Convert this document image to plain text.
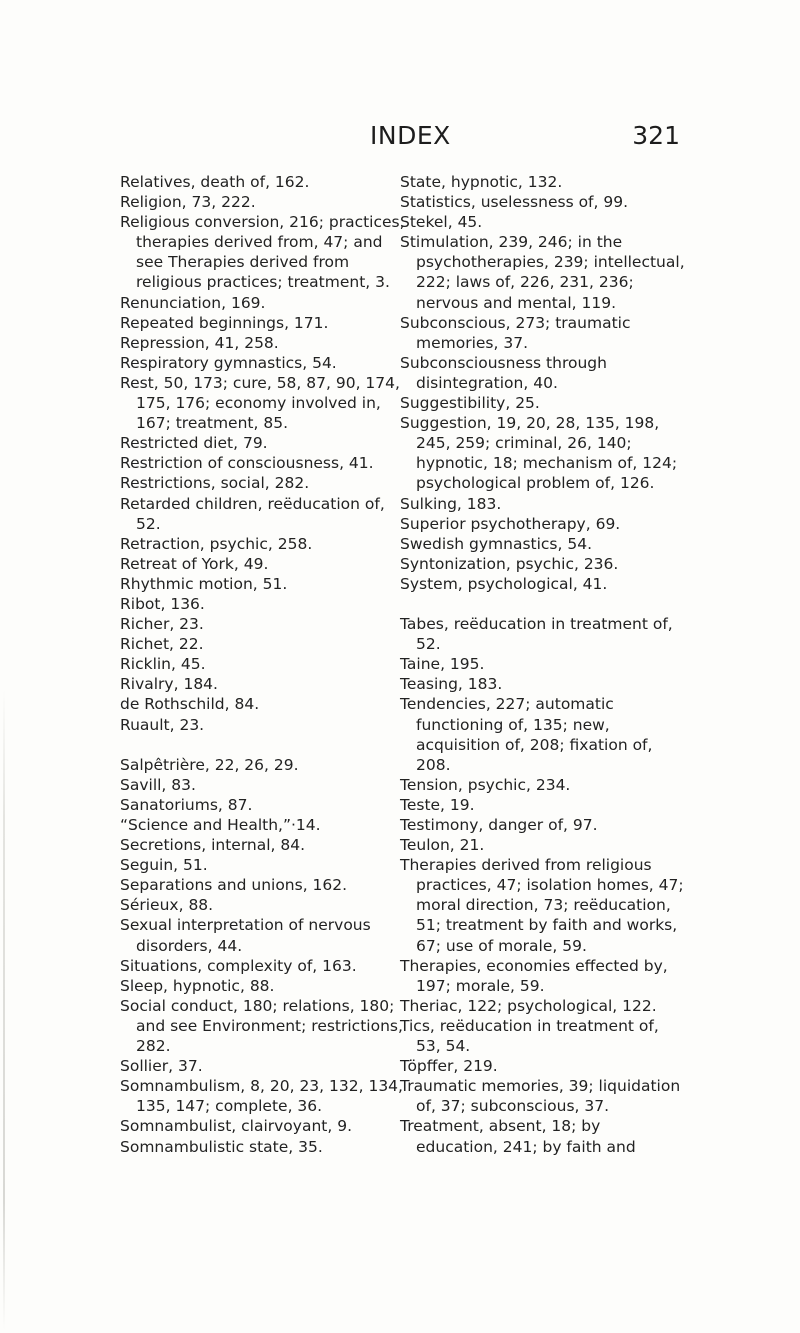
INDEX	321

Relatives, death of, 162.

Religion, 73, 222.

Religious conversion, 216; practices, therapies derived from, 47; and see Therapies derived from religious practices; treatment, 3.

Renunciation, 169.

Repeated beginnings, 171.

Repression, 41, 258.

Respiratory gymnastics, 54.

Rest, 50, 173; cure, 58, 87, 90, 174, 175, 176; economy involved in, 167; treatment, 85.

Restricted diet, 79.

Restriction of consciousness, 41.

Restrictions, social, 282.

Retarded children, reëducation of, 52.

Retraction, psychic, 258.

Retreat of York, 49.

Rhythmic motion, 51.

Ribot, 136.

Richer, 23.

Richet, 22.

Ricklin, 45.

Rivalry, 184.

de Rothschild, 84.

Ruault, 23.

Salpêtrière, 22, 26, 29.

Savill, 83.

Sanatoriums, 87.

“Science and Health,”·14.

Secretions, internal, 84.

Seguin, 51.

Separations and unions, 162.

Sérieux, 88.

Sexual interpretation of nervous disorders, 44.

Situations, complexity of, 163.

Sleep, hypnotic, 88.

Social conduct, 180; relations, 180; and see Environment; restrictions, 282.

Sollier, 37.

Somnambulism, 8, 20, 23, 132, 134, 135, 147; complete, 36.

Somnambulist, clairvoyant, 9.

Somnambulistic state, 35.

State, hypnotic, 132.

Statistics, uselessness of, 99.

Stekel, 45.

Stimulation, 239, 246; in the psychotherapies, 239; intellectual, 222; laws of, 226, 231, 236; nervous and mental, 119.

Subconscious, 273; traumatic memories, 37.

Subconsciousness through disintegration, 40.

Suggestibility, 25.

Suggestion, 19, 20, 28, 135, 198, 245, 259; criminal, 26, 140; hypnotic, 18; mechanism of, 124; psychological problem of, 126.

Sulking, 183.

Superior psychotherapy, 69.

Swedish gymnastics, 54.

Syntonization, psychic, 236.

System, psychological, 41.

Tabes, reëducation in treatment of, 52.

Taine, 195.

Teasing, 183.

Tendencies, 227; automatic functioning of, 135; new, acquisition of, 208; fixation of, 208.

Tension, psychic, 234.

Teste, 19.

Testimony, danger of, 97.

Teulon, 21.

Therapies derived from religious practices, 47; isolation homes, 47; moral direction, 73; reëducation, 51; treatment by faith and works, 67; use of morale, 59.

Therapies, economies effected by, 197; morale, 59.

Theriac, 122; psychological, 122.

Tics, reëducation in treatment of, 53, 54.

Töpffer, 219.

Traumatic memories, 39; liquidation of, 37; subconscious, 37.

Treatment, absent, 18; by education, 241; by faith and
